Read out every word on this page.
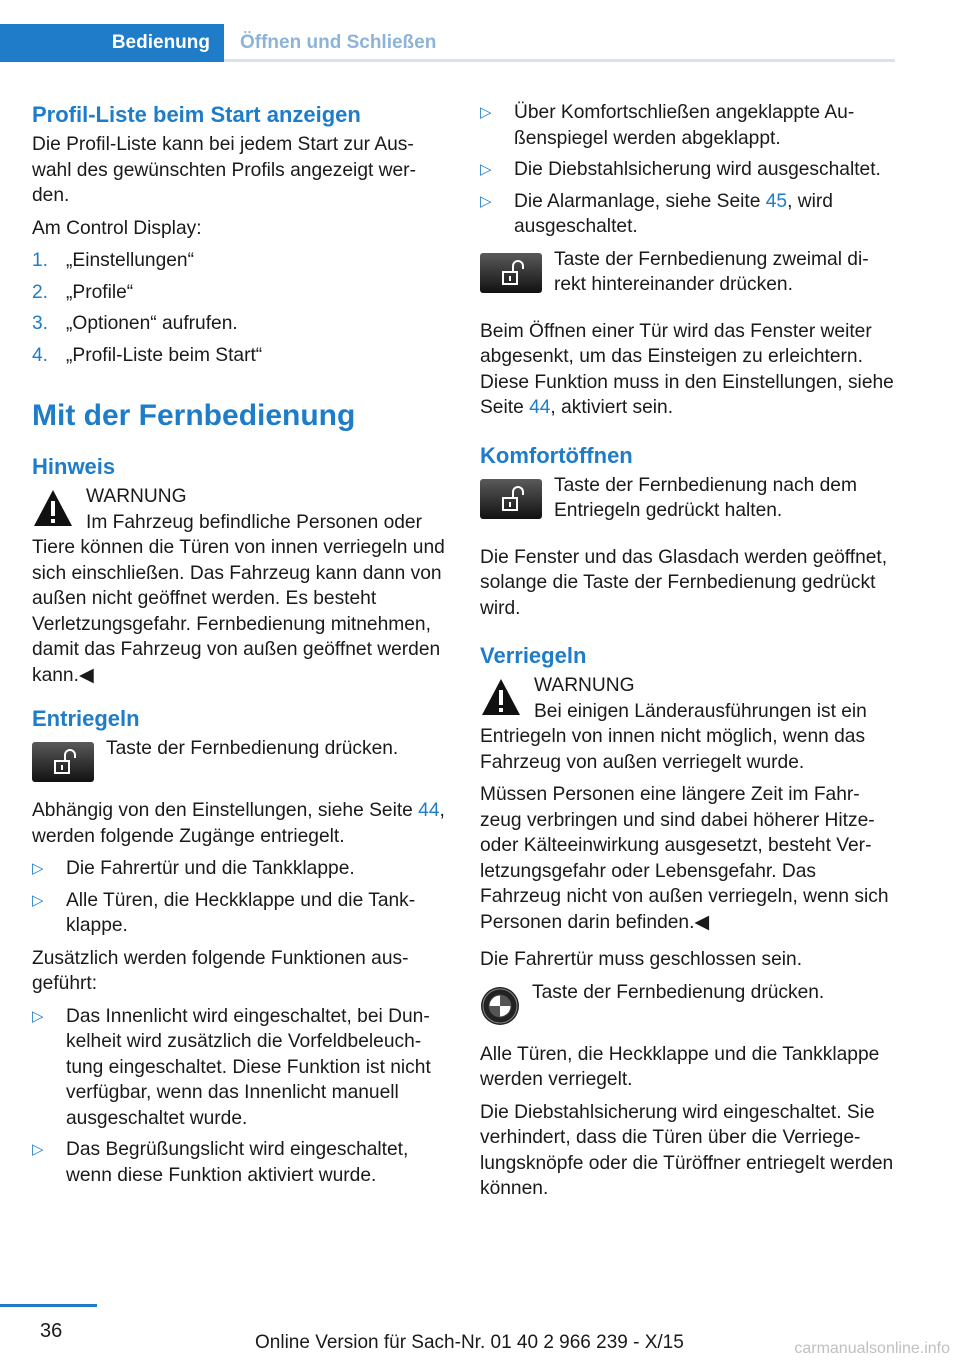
Bedienung	Öffnen und Schließen
Profil-Liste beim Start anzeigen

Die Profil-Liste kann bei jedem Start zur Auswahl des gewünschten Profils angezeigt werden.

Am Control Display:

1. „Einstellungen“
2. „Profile“
3. „Optionen“ aufrufen.
4. „Profil-Liste beim Start“
Mit der Fernbedienung
Hinweis

WARNUNG

Im Fahrzeug befindliche Personen oder Tiere können die Türen von innen verriegeln und sich einschließen. Das Fahrzeug kann dann von außen nicht geöffnet werden. Es besteht Verletzungsgefahr. Fernbedienung mitnehmen, damit das Fahrzeug von außen geöffnet werden kann.◀

Entriegeln

Taste der Fernbedienung drücken.

Abhängig von den Einstellungen, siehe Seite 44, werden folgende Zugänge entriegelt.

▷ Die Fahrertür und die Tankklappe.
▷ Alle Türen, die Heckklappe und die Tankklappe.

Zusätzlich werden folgende Funktionen ausgeführt:

▷ Das Innenlicht wird eingeschaltet, bei Dunkelheit wird zusätzlich die Vorfeldbeleuchtung eingeschaltet. Diese Funktion ist nicht verfügbar, wenn das Innenlicht manuell ausgeschaltet wurde.
▷ Das Begrüßungslicht wird eingeschaltet, wenn diese Funktion aktiviert wurde.
▷ Über Komfortschließen angeklappte Außenspiegel werden abgeklappt.
▷ Die Diebstahlsicherung wird ausgeschaltet.
▷ Die Alarmanlage, siehe Seite 45, wird ausgeschaltet.

Taste der Fernbedienung zweimal direkt hintereinander drücken.

Beim Öffnen einer Tür wird das Fenster weiter abgesenkt, um das Einsteigen zu erleichtern. Diese Funktion muss in den Einstellungen, siehe Seite 44, aktiviert sein.

Komfortöffnen

Taste der Fernbedienung nach dem Entriegeln gedrückt halten.

Die Fenster und das Glasdach werden geöffnet, solange die Taste der Fernbedienung gedrückt wird.

Verriegeln

WARNUNG

Bei einigen Länderausführungen ist ein Entriegeln von innen nicht möglich, wenn das Fahrzeug von außen verriegelt wurde.

Müssen Personen eine längere Zeit im Fahrzeug verbringen und sind dabei höherer Hitze- oder Kälteeinwirkung ausgesetzt, besteht Verletzungsgefahr oder Lebensgefahr. Das Fahrzeug nicht von außen verriegeln, wenn sich Personen darin befinden.◀

Die Fahrertür muss geschlossen sein.

Taste der Fernbedienung drücken.

Alle Türen, die Heckklappe und die Tankklappe werden verriegelt.

Die Diebstahlsicherung wird eingeschaltet. Sie verhindert, dass die Türen über die Verriegelungsknöpfe oder die Türöffner entriegelt werden können.

36
Online Version für Sach-Nr. 01 40 2 966 239 - X/15	carmanualsonline.info
